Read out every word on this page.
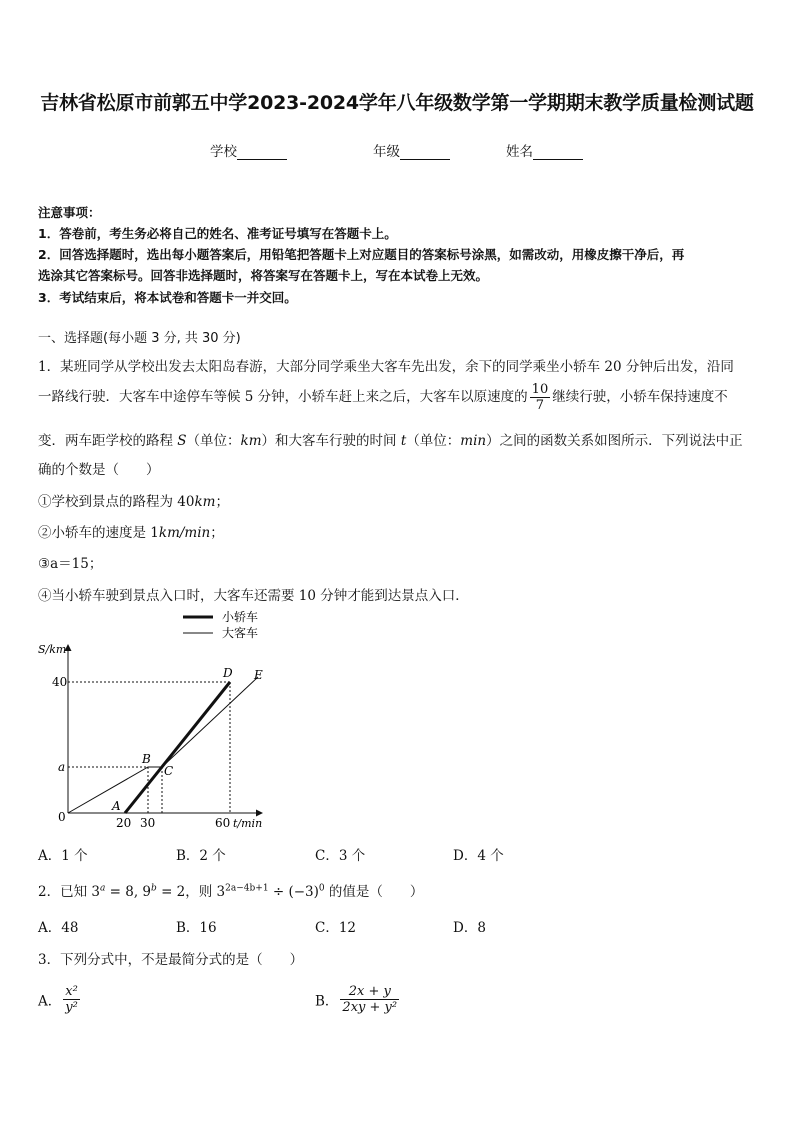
吉林省松原市前郭五中学2023-2024学年八年级数学第一学期期末教学质量检测试题
学校	年级	姓名
注意事项：
1．答卷前，考生务必将自己的姓名、准考证号填写在答题卡上。
2．回答选择题时，选出每小题答案后，用铅笔把答题卡上对应题目的答案标号涂黑，如需改动，用橡皮擦干净后，再
选涂其它答案标号。回答非选择题时，将答案写在答题卡上，写在本试卷上无效。
3．考试结束后，将本试卷和答题卡一并交回。
一、选择题(每小题 3 分, 共 30 分)
1．某班同学从学校出发去太阳岛春游，大部分同学乘坐大客车先出发，余下的同学乘坐小轿车 20 分钟后出发，沿同
一路线行驶．大客车中途停车等候 5 分钟，小轿车赶上来之后，大客车以原速度的 $\frac{10}{7}$ 继续行驶，小轿车保持速度不
变．两车距学校的路程 S（单位：km）和大客车行驶的时间 t（单位：min）之间的函数关系如图所示．下列说法中正
确的个数是（　　）
①学校到景点的路程为 40km；
②小轿车的速度是 1km/min；
③a＝15；
④当小轿车驶到景点入口时，大客车还需要 10 分钟才能到达景点入口．
小轿车
大客车
S/km
t/min
0
40
a
20 30	60
A
B
C
D E
A．1 个	B．2 个	C．3 个	D．4 个
2．已知 $3^a = 8$, $9^b = 2$，则 $3^{2a-4b+1} \div (-3)^0$ 的值是（　　）
A．48	B．16	C．12	D．8
3．下列分式中，不是最简分式的是（　　）
A． $\frac{\text{x²}}{\text{y²}}$	B． $\frac{2x + y}{\text{2xy + y²}}$
